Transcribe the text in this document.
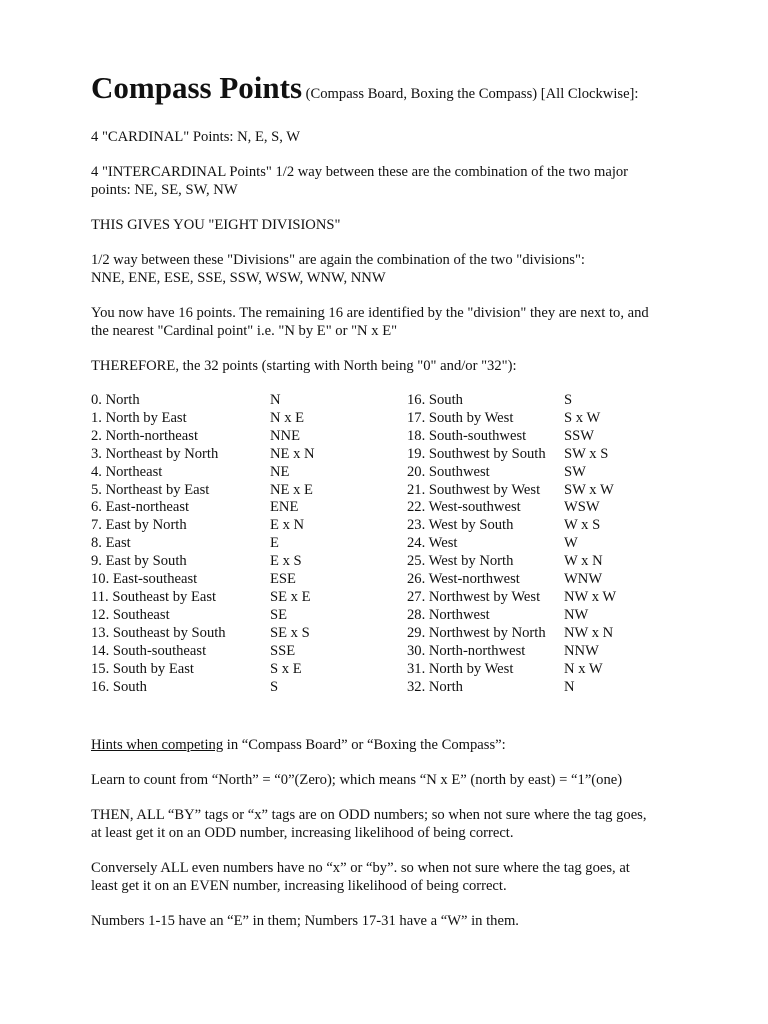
Compass Points (Compass Board, Boxing the Compass) [All Clockwise]:
4 "CARDINAL" Points: N, E, S, W
4 "INTERCARDINAL Points" 1/2 way between these are the combination of the two major
points: NE, SE, SW, NW
THIS GIVES YOU "EIGHT DIVISIONS"
1/2 way between these "Divisions" are again the combination of the two "divisions":
NNE, ENE, ESE, SSE, SSW, WSW, WNW, NNW
You now have 16 points. The remaining 16 are identified by the "division" they are next to, and
the nearest "Cardinal point" i.e. "N by E" or "N x E"
THEREFORE, the 32 points (starting with North being "0" and/or "32"):
0. North	N	16. South	S
1. North by East	N x E	17. South by West	S x W
2. North-northeast	NNE	18. South-southwest	SSW
3. Northeast by North	NE x N	19. Southwest by South	SW x S
4. Northeast	NE	20. Southwest	SW
5. Northeast by East	NE x E	21. Southwest by West	SW x W
6. East-northeast	ENE	22. West-southwest	WSW
7. East by North	E x N	23. West by South	W x S
8. East	E	24. West	W
9. East by South	E x S	25. West by North	W x N
10. East-southeast	ESE	26. West-northwest	WNW
11. Southeast by East	SE x E	27. Northwest by West	NW x W
12. Southeast	SE	28. Northwest	NW
13. Southeast by South	SE x S	29. Northwest by North	NW x N
14. South-southeast	SSE	30. North-northwest	NNW
15. South by East	S x E	31. North by West	N x W
16. South	S	32. North	N
Hints when competing in “Compass Board” or “Boxing the Compass”:
Learn to count from “North” = “0”(Zero); which means “N x E” (north by east) = “1”(one)
THEN, ALL “BY” tags or “x” tags are on ODD numbers; so when not sure where the tag goes,
at least get it on an ODD number, increasing likelihood of being correct.
Conversely ALL even numbers have no “x” or “by”. so when not sure where the tag goes, at
least get it on an EVEN number, increasing likelihood of being correct.
Numbers 1-15 have an “E” in them; Numbers 17-31 have a “W” in them.
